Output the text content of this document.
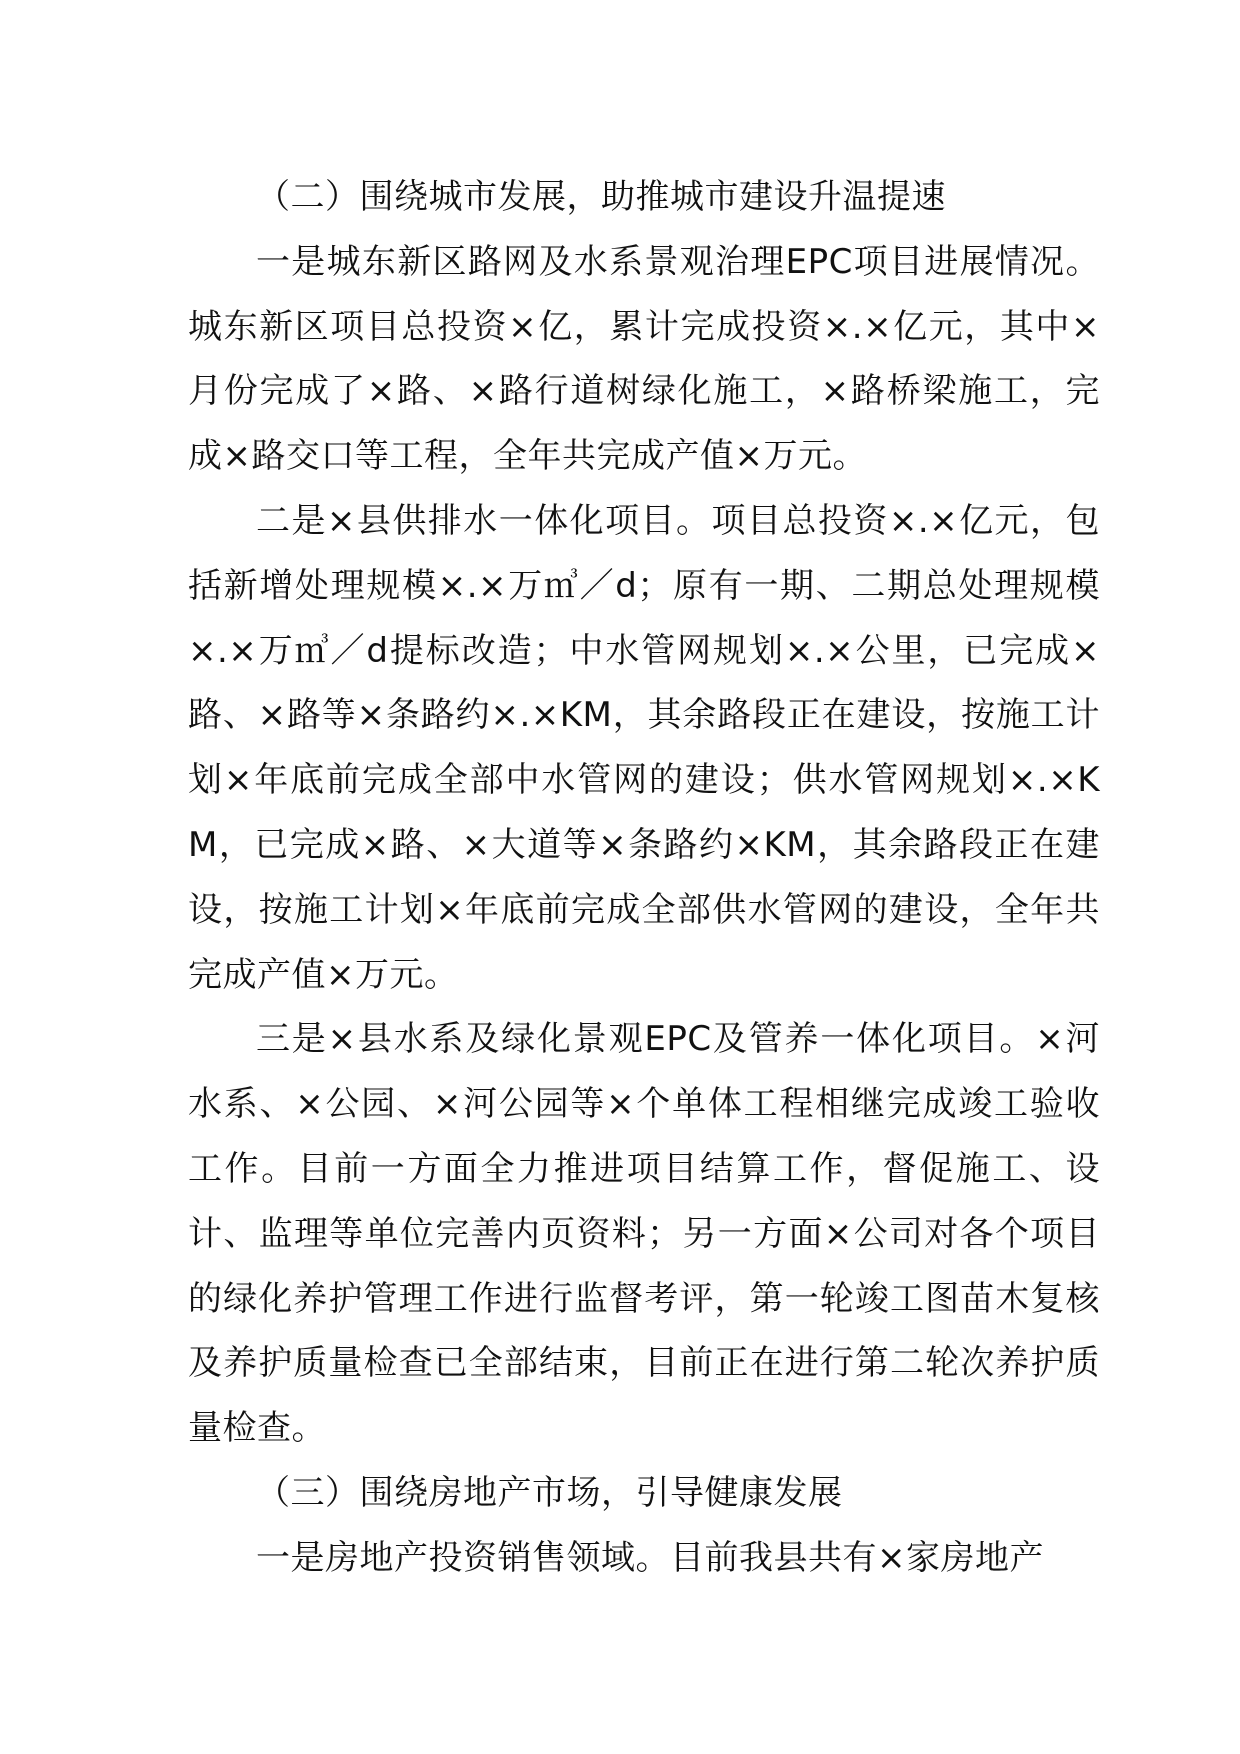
（二）围绕城市发展，助推城市建设升温提速

一是城东新区路网及水系景观治理EPC项目进展情况。城东新区项目总投资×亿，累计完成投资×.×亿元，其中×月份完成了×路、×路行道树绿化施工，×路桥梁施工，完成×路交口等工程，全年共完成产值×万元。

二是×县供排水一体化项目。项目总投资×.×亿元，包括新增处理规模×.×万㎥／d；原有一期、二期总处理规模×.×万㎥／d提标改造；中水管网规划×.×公里，已完成×路、×路等×条路约×.×KM，其余路段正在建设，按施工计划×年底前完成全部中水管网的建设；供水管网规划×.×KM，已完成×路、×大道等×条路约×KM，其余路段正在建设，按施工计划×年底前完成全部供水管网的建设，全年共完成产值×万元。

三是×县水系及绿化景观EPC及管养一体化项目。×河水系、×公园、×河公园等×个单体工程相继完成竣工验收工作。目前一方面全力推进项目结算工作，督促施工、设计、监理等单位完善内页资料；另一方面×公司对各个项目的绿化养护管理工作进行监督考评，第一轮竣工图苗木复核及养护质量检查已全部结束，目前正在进行第二轮次养护质量检查。

（三）围绕房地产市场，引导健康发展

一是房地产投资销售领域。目前我县共有×家房地产
